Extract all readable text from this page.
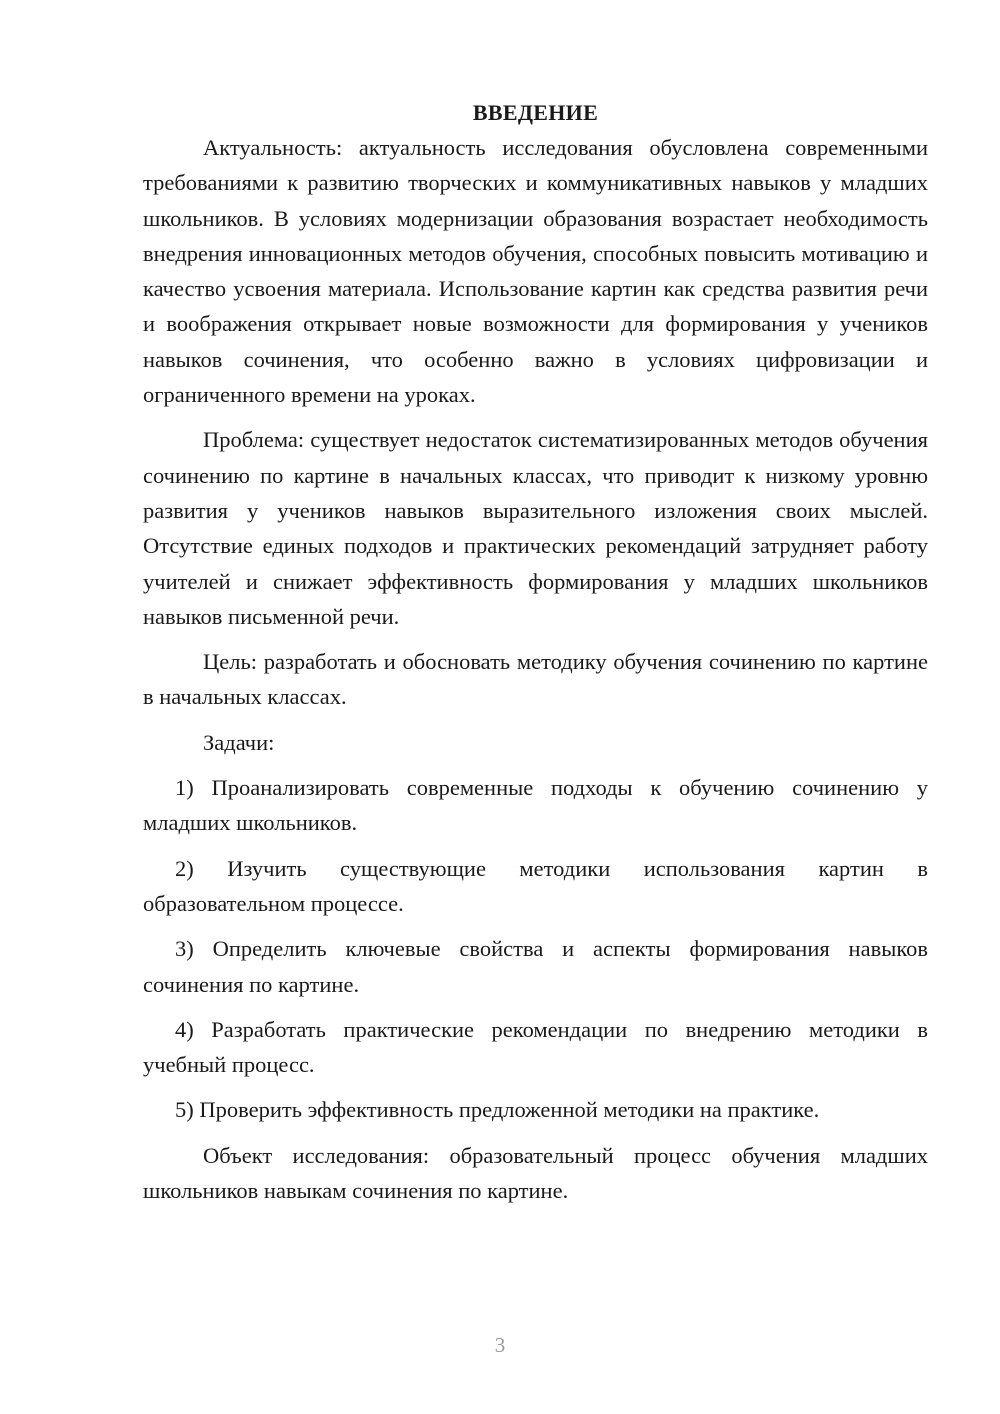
ВВЕДЕНИЕ

Актуальность: актуальность исследования обусловлена современными требованиями к развитию творческих и коммуникативных навыков у младших школьников. В условиях модернизации образования возрастает необходимость внедрения инновационных методов обучения, способных повысить мотивацию и качество усвоения материала. Использование картин как средства развития речи и воображения открывает новые возможности для формирования у учеников навыков сочинения, что особенно важно в условиях цифровизации и ограниченного времени на уроках.

Проблема: существует недостаток систематизированных методов обучения сочинению по картине в начальных классах, что приводит к низкому уровню развития у учеников навыков выразительного изложения своих мыслей. Отсутствие единых подходов и практических рекомендаций затрудняет работу учителей и снижает эффективность формирования у младших школьников навыков письменной речи.

Цель: разработать и обосновать методику обучения сочинению по картине в начальных классах.

Задачи:

1) Проанализировать современные подходы к обучению сочинению у младших школьников.

2) Изучить существующие методики использования картин в образовательном процессе.

3) Определить ключевые свойства и аспекты формирования навыков сочинения по картине.

4) Разработать практические рекомендации по внедрению методики в учебный процесс.

5) Проверить эффективность предложенной методики на практике.

Объект исследования: образовательный процесс обучения младших школьников навыкам сочинения по картине.

3
